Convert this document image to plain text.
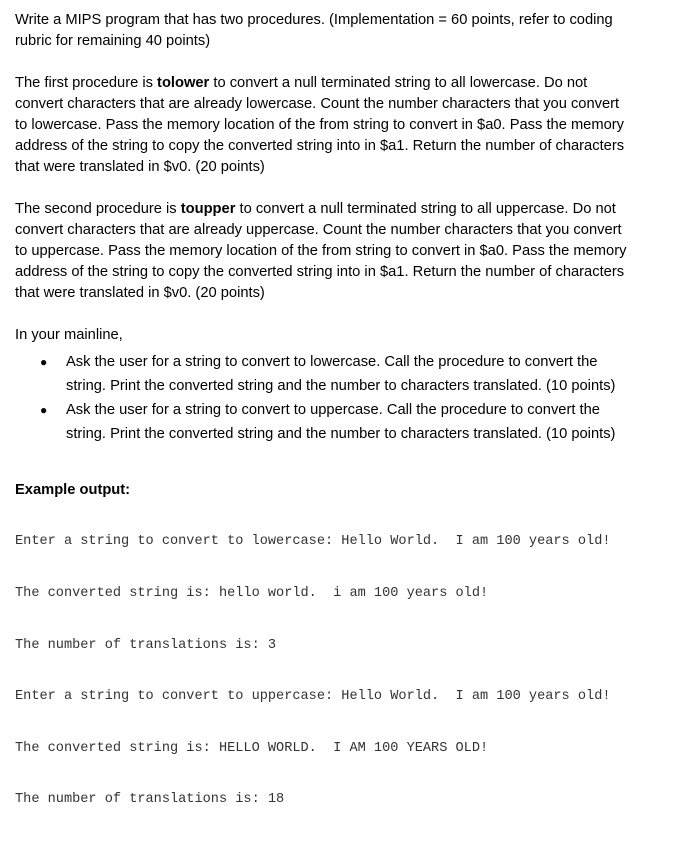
Write a MIPS program that has two procedures. (Implementation = 60 points, refer to coding
rubric for remaining 40 points)

The first procedure is tolower to convert a null terminated string to all lowercase. Do not
convert characters that are already lowercase. Count the number characters that you convert
to lowercase. Pass the memory location of the from string to convert in $a0. Pass the memory
address of the string to copy the converted string into in $a1. Return the number of characters
that were translated in $v0. (20 points)

The second procedure is toupper to convert a null terminated string to all uppercase. Do not
convert characters that are already uppercase. Count the number characters that you convert
to uppercase. Pass the memory location of the from string to convert in $a0. Pass the memory
address of the string to copy the converted string into in $a1. Return the number of characters
that were translated in $v0. (20 points)

In your mainline,

● Ask the user for a string to convert to lowercase. Call the procedure to convert the
string. Print the converted string and the number to characters translated. (10 points)
● Ask the user for a string to convert to uppercase. Call the procedure to convert the
string. Print the converted string and the number to characters translated. (10 points)

Example output:

Enter a string to convert to lowercase: Hello World.  I am 100 years old!

The converted string is: hello world.  i am 100 years old!

The number of translations is: 3

Enter a string to convert to uppercase: Hello World.  I am 100 years old!

The converted string is: HELLO WORLD.  I AM 100 YEARS OLD!

The number of translations is: 18
